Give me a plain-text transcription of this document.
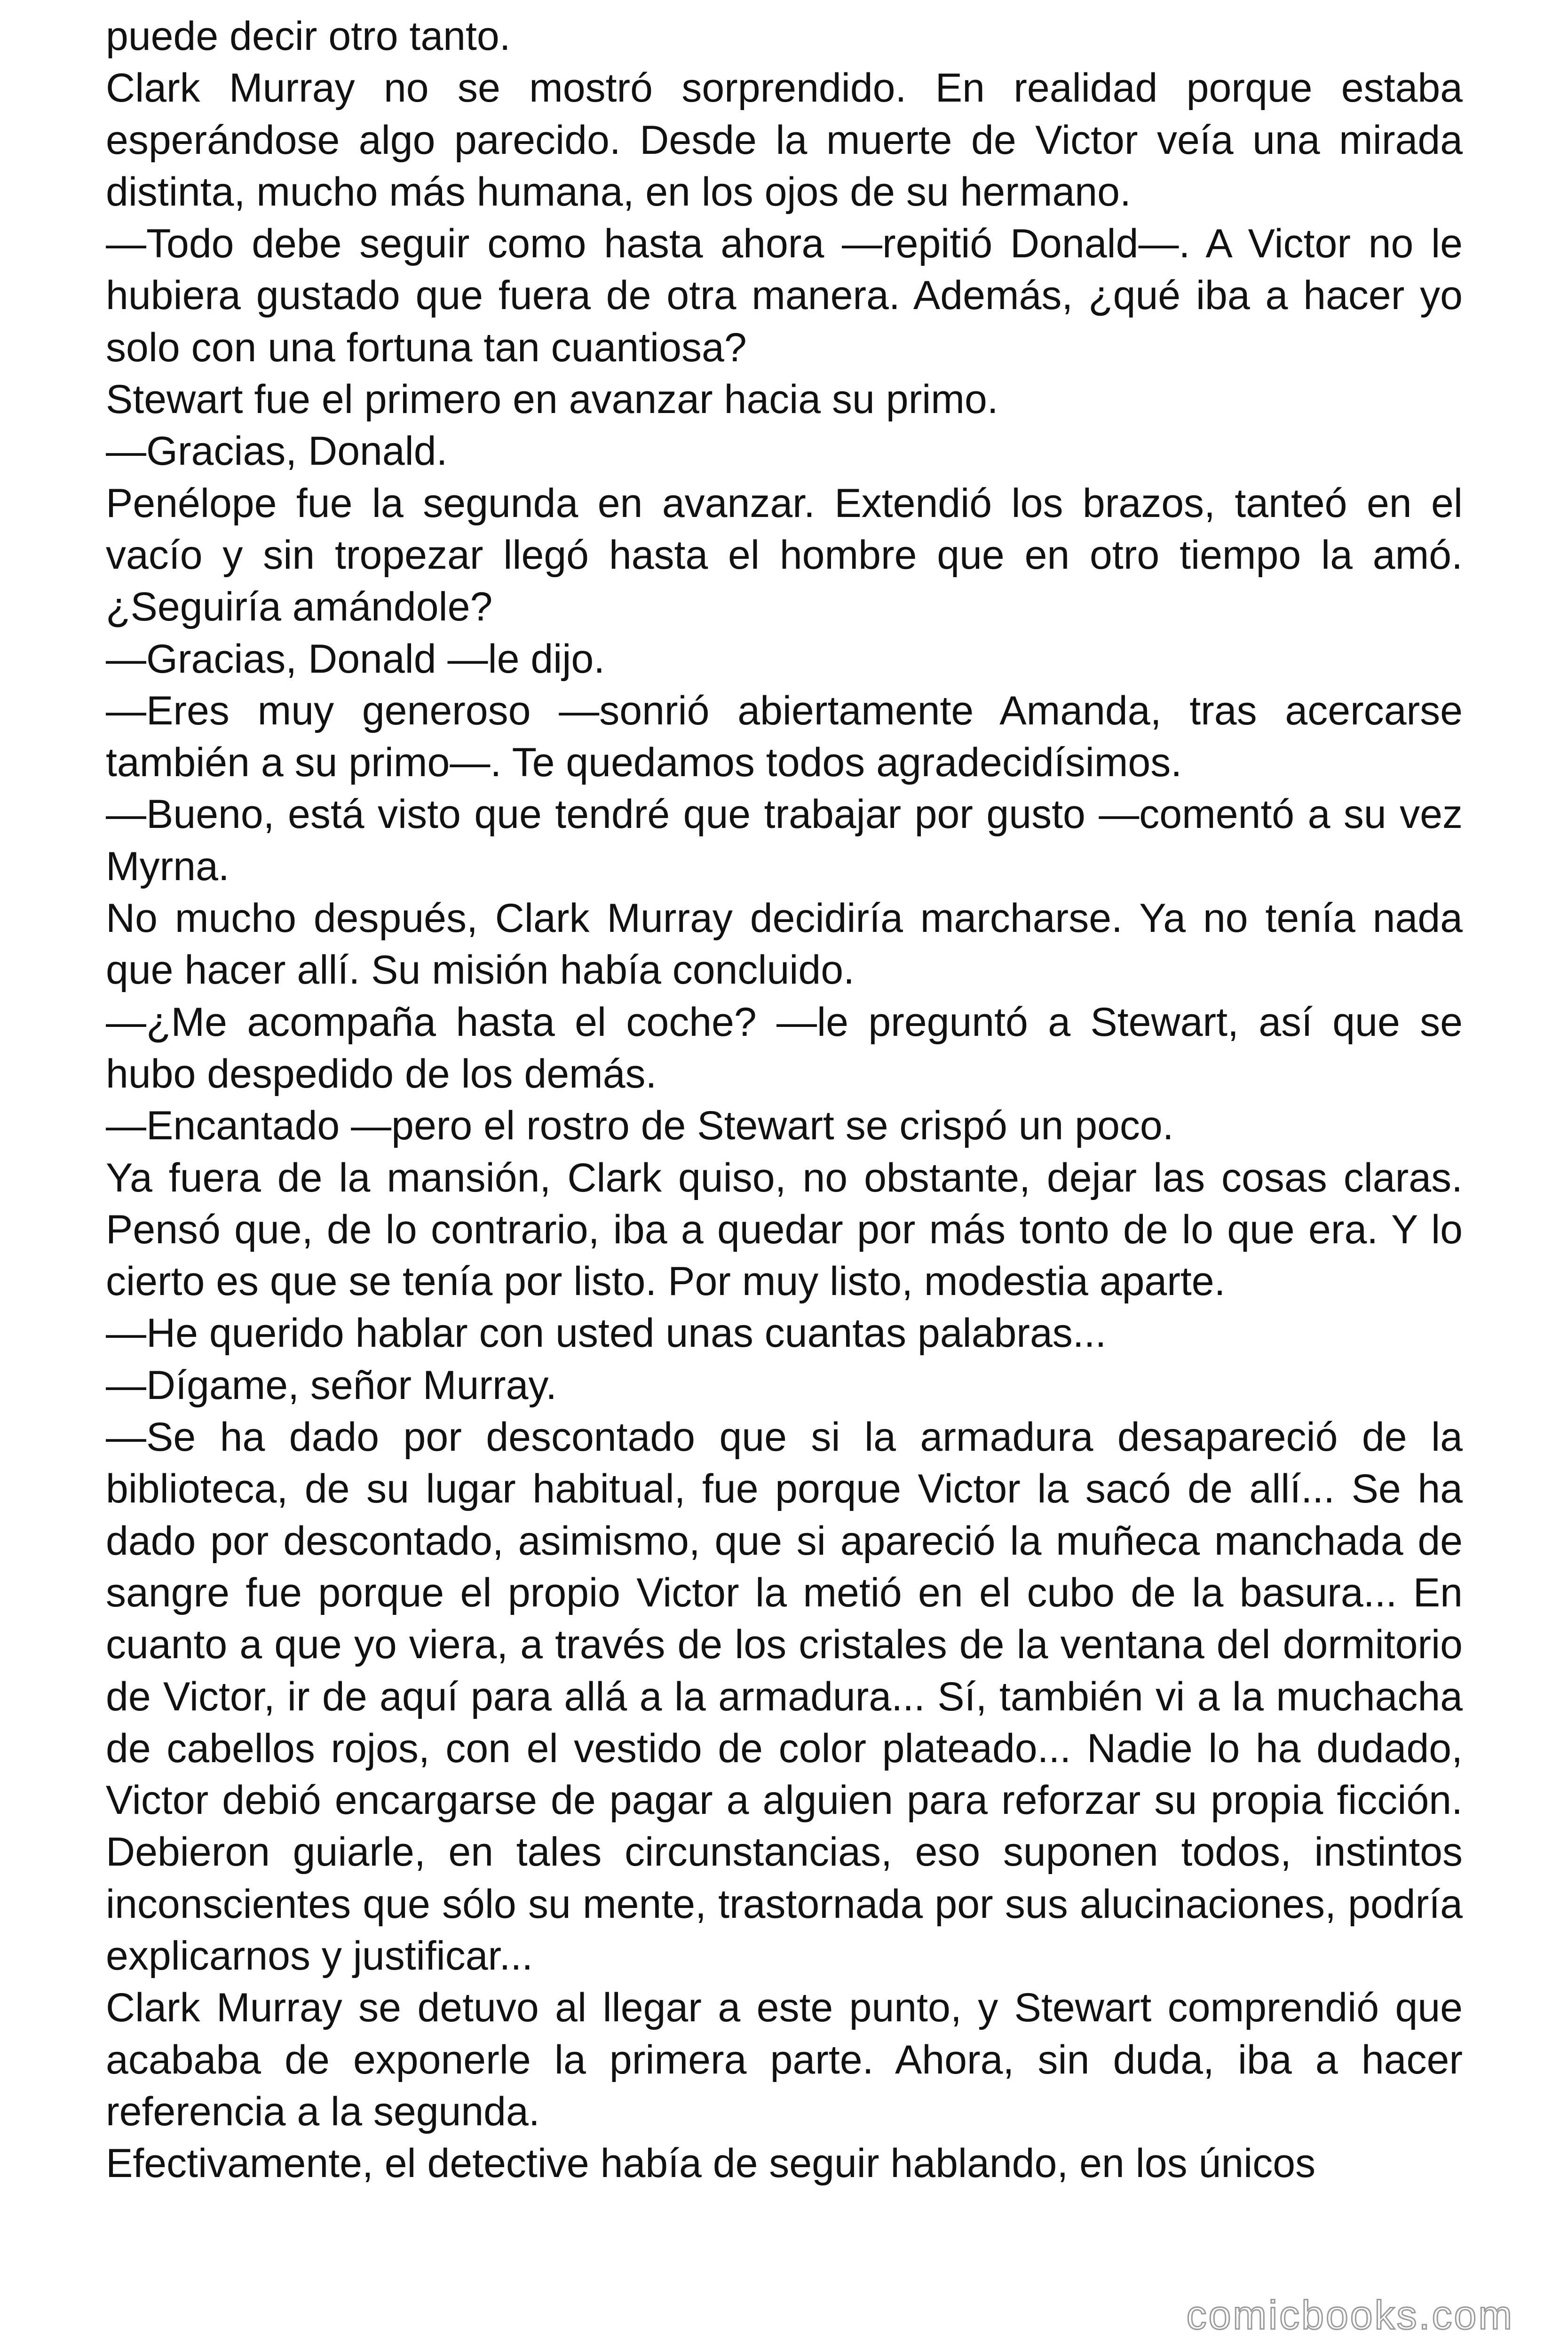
puede decir otro tanto.

Clark Murray no se mostró sorprendido. En realidad porque estaba esperándose algo parecido. Desde la muerte de Victor veía una mirada distinta, mucho más humana, en los ojos de su hermano.

—Todo debe seguir como hasta ahora —repitió Donald—. A Victor no le hubiera gustado que fuera de otra manera. Además, ¿qué iba a hacer yo solo con una fortuna tan cuantiosa?

Stewart fue el primero en avanzar hacia su primo.

—Gracias, Donald.

Penélope fue la segunda en avanzar. Extendió los brazos, tanteó en el vacío y sin tropezar llegó hasta el hombre que en otro tiempo la amó. ¿Seguiría amándole?

—Gracias, Donald —le dijo.

—Eres muy generoso —sonrió abiertamente Amanda, tras acercarse también a su primo—. Te quedamos todos agradecidísimos.

—Bueno, está visto que tendré que trabajar por gusto —comentó a su vez Myrna.

No mucho después, Clark Murray decidiría marcharse. Ya no tenía nada que hacer allí. Su misión había concluido.

—¿Me acompaña hasta el coche? —le preguntó a Stewart, así que se hubo despedido de los demás.

—Encantado —pero el rostro de Stewart se crispó un poco.

Ya fuera de la mansión, Clark quiso, no obstante, dejar las cosas claras. Pensó que, de lo contrario, iba a quedar por más tonto de lo que era. Y lo cierto es que se tenía por listo. Por muy listo, modestia aparte.

—He querido hablar con usted unas cuantas palabras...

—Dígame, señor Murray.

—Se ha dado por descontado que si la armadura desapareció de la biblioteca, de su lugar habitual, fue porque Victor la sacó de allí... Se ha dado por descontado, asimismo, que si apareció la muñeca manchada de sangre fue porque el propio Victor la metió en el cubo de la basura... En cuanto a que yo viera, a través de los cristales de la ventana del dormitorio de Victor, ir de aquí para allá a la armadura... Sí, también vi a la muchacha de cabellos rojos, con el vestido de color plateado... Nadie lo ha dudado, Victor debió encargarse de pagar a alguien para reforzar su propia ficción. Debieron guiarle, en tales circunstancias, eso suponen todos, instintos inconscientes que sólo su mente, trastornada por sus alucinaciones, podría explicarnos y justificar...

Clark Murray se detuvo al llegar a este punto, y Stewart comprendió que acababa de exponerle la primera parte. Ahora, sin duda, iba a hacer referencia a la segunda.

Efectivamente, el detective había de seguir hablando, en los únicos

comicbooks.com
